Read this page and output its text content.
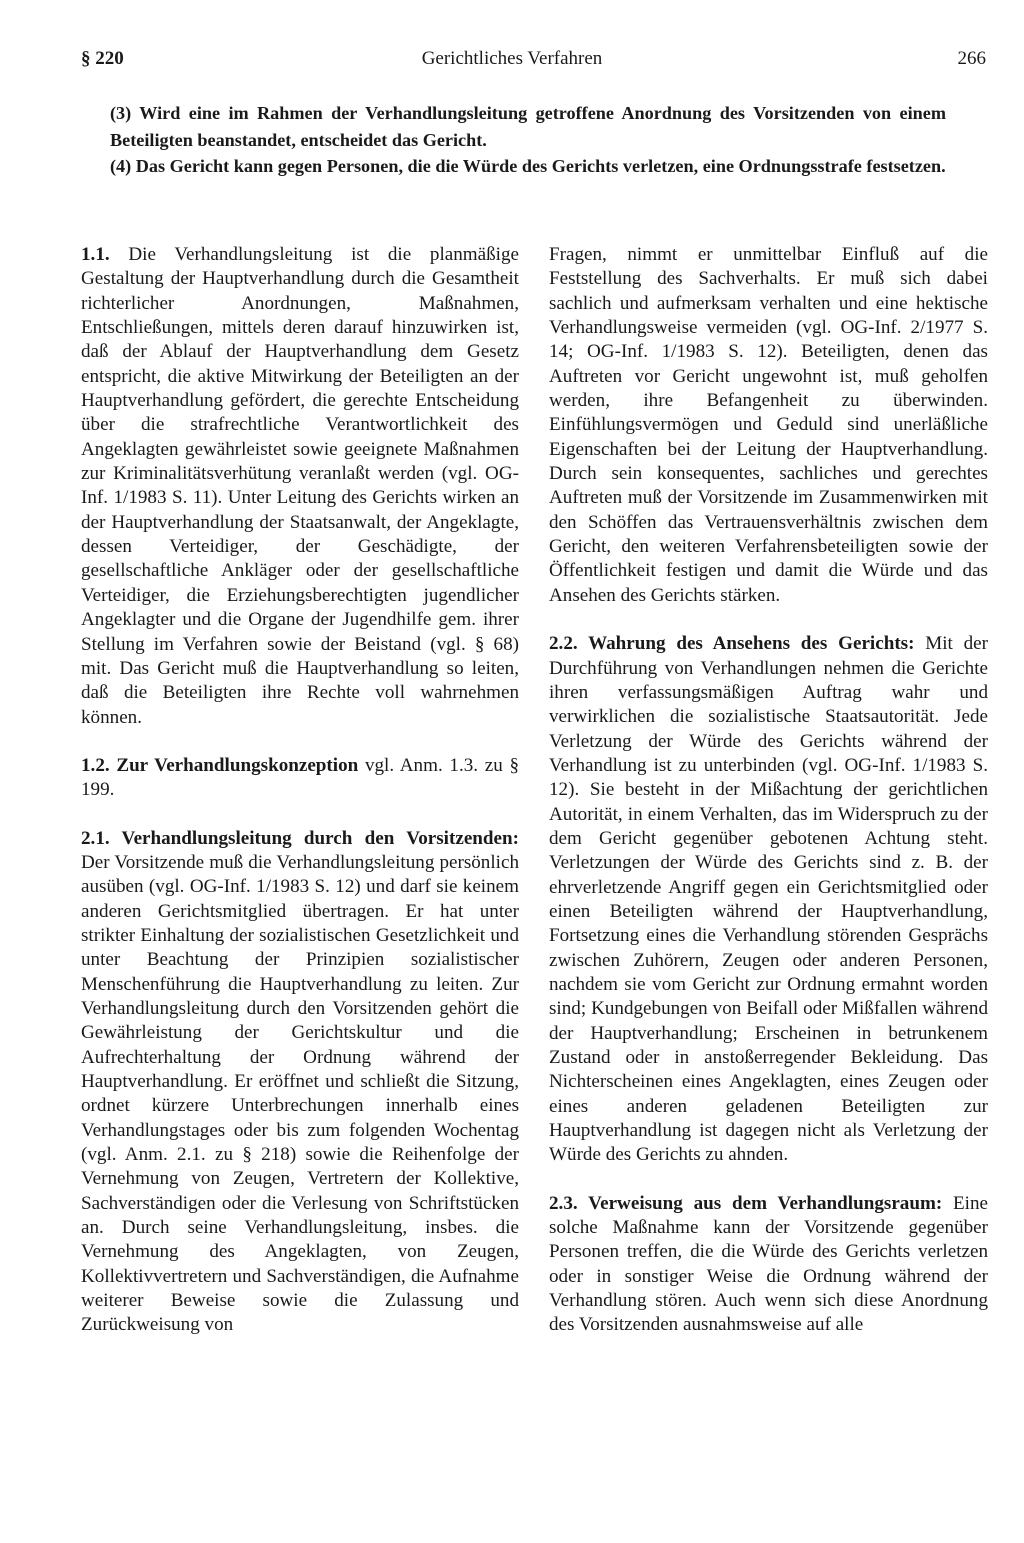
§ 220	Gerichtliches Verfahren	266

(3) Wird eine im Rahmen der Verhandlungsleitung getroffene Anordnung des Vorsitzenden von einem Beteiligten beanstandet, entscheidet das Gericht.

(4) Das Gericht kann gegen Personen, die die Würde des Gerichts verletzen, eine Ordnungsstrafe festsetzen.

1.1. Die Verhandlungsleitung ist die planmäßige Gestaltung der Hauptverhandlung durch die Gesamtheit richterlicher Anordnungen, Maßnahmen, Entschließungen, mittels deren darauf hinzuwirken ist, daß der Ablauf der Hauptverhandlung dem Gesetz entspricht, die aktive Mitwirkung der Beteiligten an der Hauptverhandlung gefördert, die gerechte Entscheidung über die strafrechtliche Verantwortlichkeit des Angeklagten gewährleistet sowie geeignete Maßnahmen zur Kriminalitätsverhütung veranlaßt werden (vgl. OG-Inf. 1/1983 S. 11). Unter Leitung des Gerichts wirken an der Hauptverhandlung der Staatsanwalt, der Angeklagte, dessen Verteidiger, der Geschädigte, der gesellschaftliche Ankläger oder der gesellschaftliche Verteidiger, die Erziehungsberechtigten jugendlicher Angeklagter und die Organe der Jugendhilfe gem. ihrer Stellung im Verfahren sowie der Beistand (vgl. § 68) mit. Das Gericht muß die Hauptverhandlung so leiten, daß die Beteiligten ihre Rechte voll wahrnehmen können.

1.2. Zur Verhandlungskonzeption vgl. Anm. 1.3. zu § 199.

2.1. Verhandlungsleitung durch den Vorsitzenden: Der Vorsitzende muß die Verhandlungsleitung persönlich ausüben (vgl. OG-Inf. 1/1983 S. 12) und darf sie keinem anderen Gerichtsmitglied übertragen. Er hat unter strikter Einhaltung der sozialistischen Gesetzlichkeit und unter Beachtung der Prinzipien sozialistischer Menschenführung die Hauptverhandlung zu leiten. Zur Verhandlungsleitung durch den Vorsitzenden gehört die Gewährleistung der Gerichtskultur und die Aufrechterhaltung der Ordnung während der Hauptverhandlung. Er eröffnet und schließt die Sitzung, ordnet kürzere Unterbrechungen innerhalb eines Verhandlungstages oder bis zum folgenden Wochentag (vgl. Anm. 2.1. zu § 218) sowie die Reihenfolge der Vernehmung von Zeugen, Vertretern der Kollektive, Sachverständigen oder die Verlesung von Schriftstücken an. Durch seine Verhandlungsleitung, insbes. die Vernehmung des Angeklagten, von Zeugen, Kollektivvertretern und Sachverständigen, die Aufnahme weiterer Beweise sowie die Zulassung und Zurückweisung von

Fragen, nimmt er unmittelbar Einfluß auf die Feststellung des Sachverhalts. Er muß sich dabei sachlich und aufmerksam verhalten und eine hektische Verhandlungsweise vermeiden (vgl. OG-Inf. 2/1977 S. 14; OG-Inf. 1/1983 S. 12). Beteiligten, denen das Auftreten vor Gericht ungewohnt ist, muß geholfen werden, ihre Befangenheit zu überwinden. Einfühlungsvermögen und Geduld sind unerläßliche Eigenschaften bei der Leitung der Hauptverhandlung. Durch sein konsequentes, sachliches und gerechtes Auftreten muß der Vorsitzende im Zusammenwirken mit den Schöffen das Vertrauensverhältnis zwischen dem Gericht, den weiteren Verfahrensbeteiligten sowie der Öffentlichkeit festigen und damit die Würde und das Ansehen des Gerichts stärken.

2.2. Wahrung des Ansehens des Gerichts: Mit der Durchführung von Verhandlungen nehmen die Gerichte ihren verfassungsmäßigen Auftrag wahr und verwirklichen die sozialistische Staatsautorität. Jede Verletzung der Würde des Gerichts während der Verhandlung ist zu unterbinden (vgl. OG-Inf. 1/1983 S. 12). Sie besteht in der Mißachtung der gerichtlichen Autorität, in einem Verhalten, das im Widerspruch zu der dem Gericht gegenüber gebotenen Achtung steht. Verletzungen der Würde des Gerichts sind z. B. der ehrverletzende Angriff gegen ein Gerichtsmitglied oder einen Beteiligten während der Hauptverhandlung, Fortsetzung eines die Verhandlung störenden Gesprächs zwischen Zuhörern, Zeugen oder anderen Personen, nachdem sie vom Gericht zur Ordnung ermahnt worden sind; Kundgebungen von Beifall oder Mißfallen während der Hauptverhandlung; Erscheinen in betrunkenem Zustand oder in anstoßerregender Bekleidung. Das Nichterscheinen eines Angeklagten, eines Zeugen oder eines anderen geladenen Beteiligten zur Hauptverhandlung ist dagegen nicht als Verletzung der Würde des Gerichts zu ahnden.

2.3. Verweisung aus dem Verhandlungsraum: Eine solche Maßnahme kann der Vorsitzende gegenüber Personen treffen, die die Würde des Gerichts verletzen oder in sonstiger Weise die Ordnung während der Verhandlung stören. Auch wenn sich diese Anordnung des Vorsitzenden ausnahmsweise auf alle
